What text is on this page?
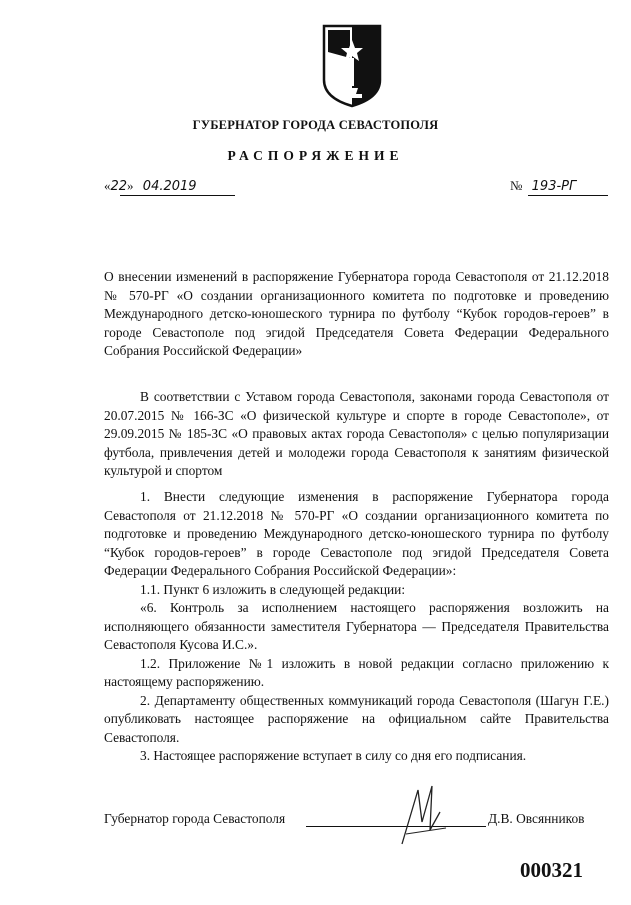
ГУБЕРНАТОР ГОРОДА СЕВАСТОПОЛЯ
РАСПОРЯЖЕНИЕ
«22» 04.2019	№ 193-РГ

О внесении изменений в распоряжение Губернатора города Севастополя от 21.12.2018 № 570-РГ «О создании организационного комитета по подготовке и проведению Международного детско-юношеского турнира по футболу “Кубок городов-героев” в городе Севастополе под эгидой Председателя Совета Федерации Федерального Собрания Российской Федерации»

В соответствии с Уставом города Севастополя, законами города Севастополя от 20.07.2015 № 166-ЗС «О физической культуре и спорте в городе Севастополе», от 29.09.2015 № 185-ЗС «О правовых актах города Севастополя» с целью популяризации футбола, привлечения детей и молодежи города Севастополя к занятиям физической культурой и спортом

1. Внести следующие изменения в распоряжение Губернатора города Севастополя от 21.12.2018 № 570-РГ «О создании организационного комитета по подготовке и проведению Международного детско-юношеского турнира по футболу “Кубок городов-героев” в городе Севастополе под эгидой Председателя Совета Федерации Федерального Собрания Российской Федерации»:

1.1. Пункт 6 изложить в следующей редакции:

«6. Контроль за исполнением настоящего распоряжения возложить на исполняющего обязанности заместителя Губернатора — Председателя Правительства Севастополя Кусова И.С.».

1.2. Приложение №1 изложить в новой редакции согласно приложению к настоящему распоряжению.

2. Департаменту общественных коммуникаций города Севастополя (Шагун Г.Е.) опубликовать настоящее распоряжение на официальном сайте Правительства Севастополя.

3. Настоящее распоряжение вступает в силу со дня его подписания.

Губернатор города Севастополя	Д.В. Овсянников
000321
